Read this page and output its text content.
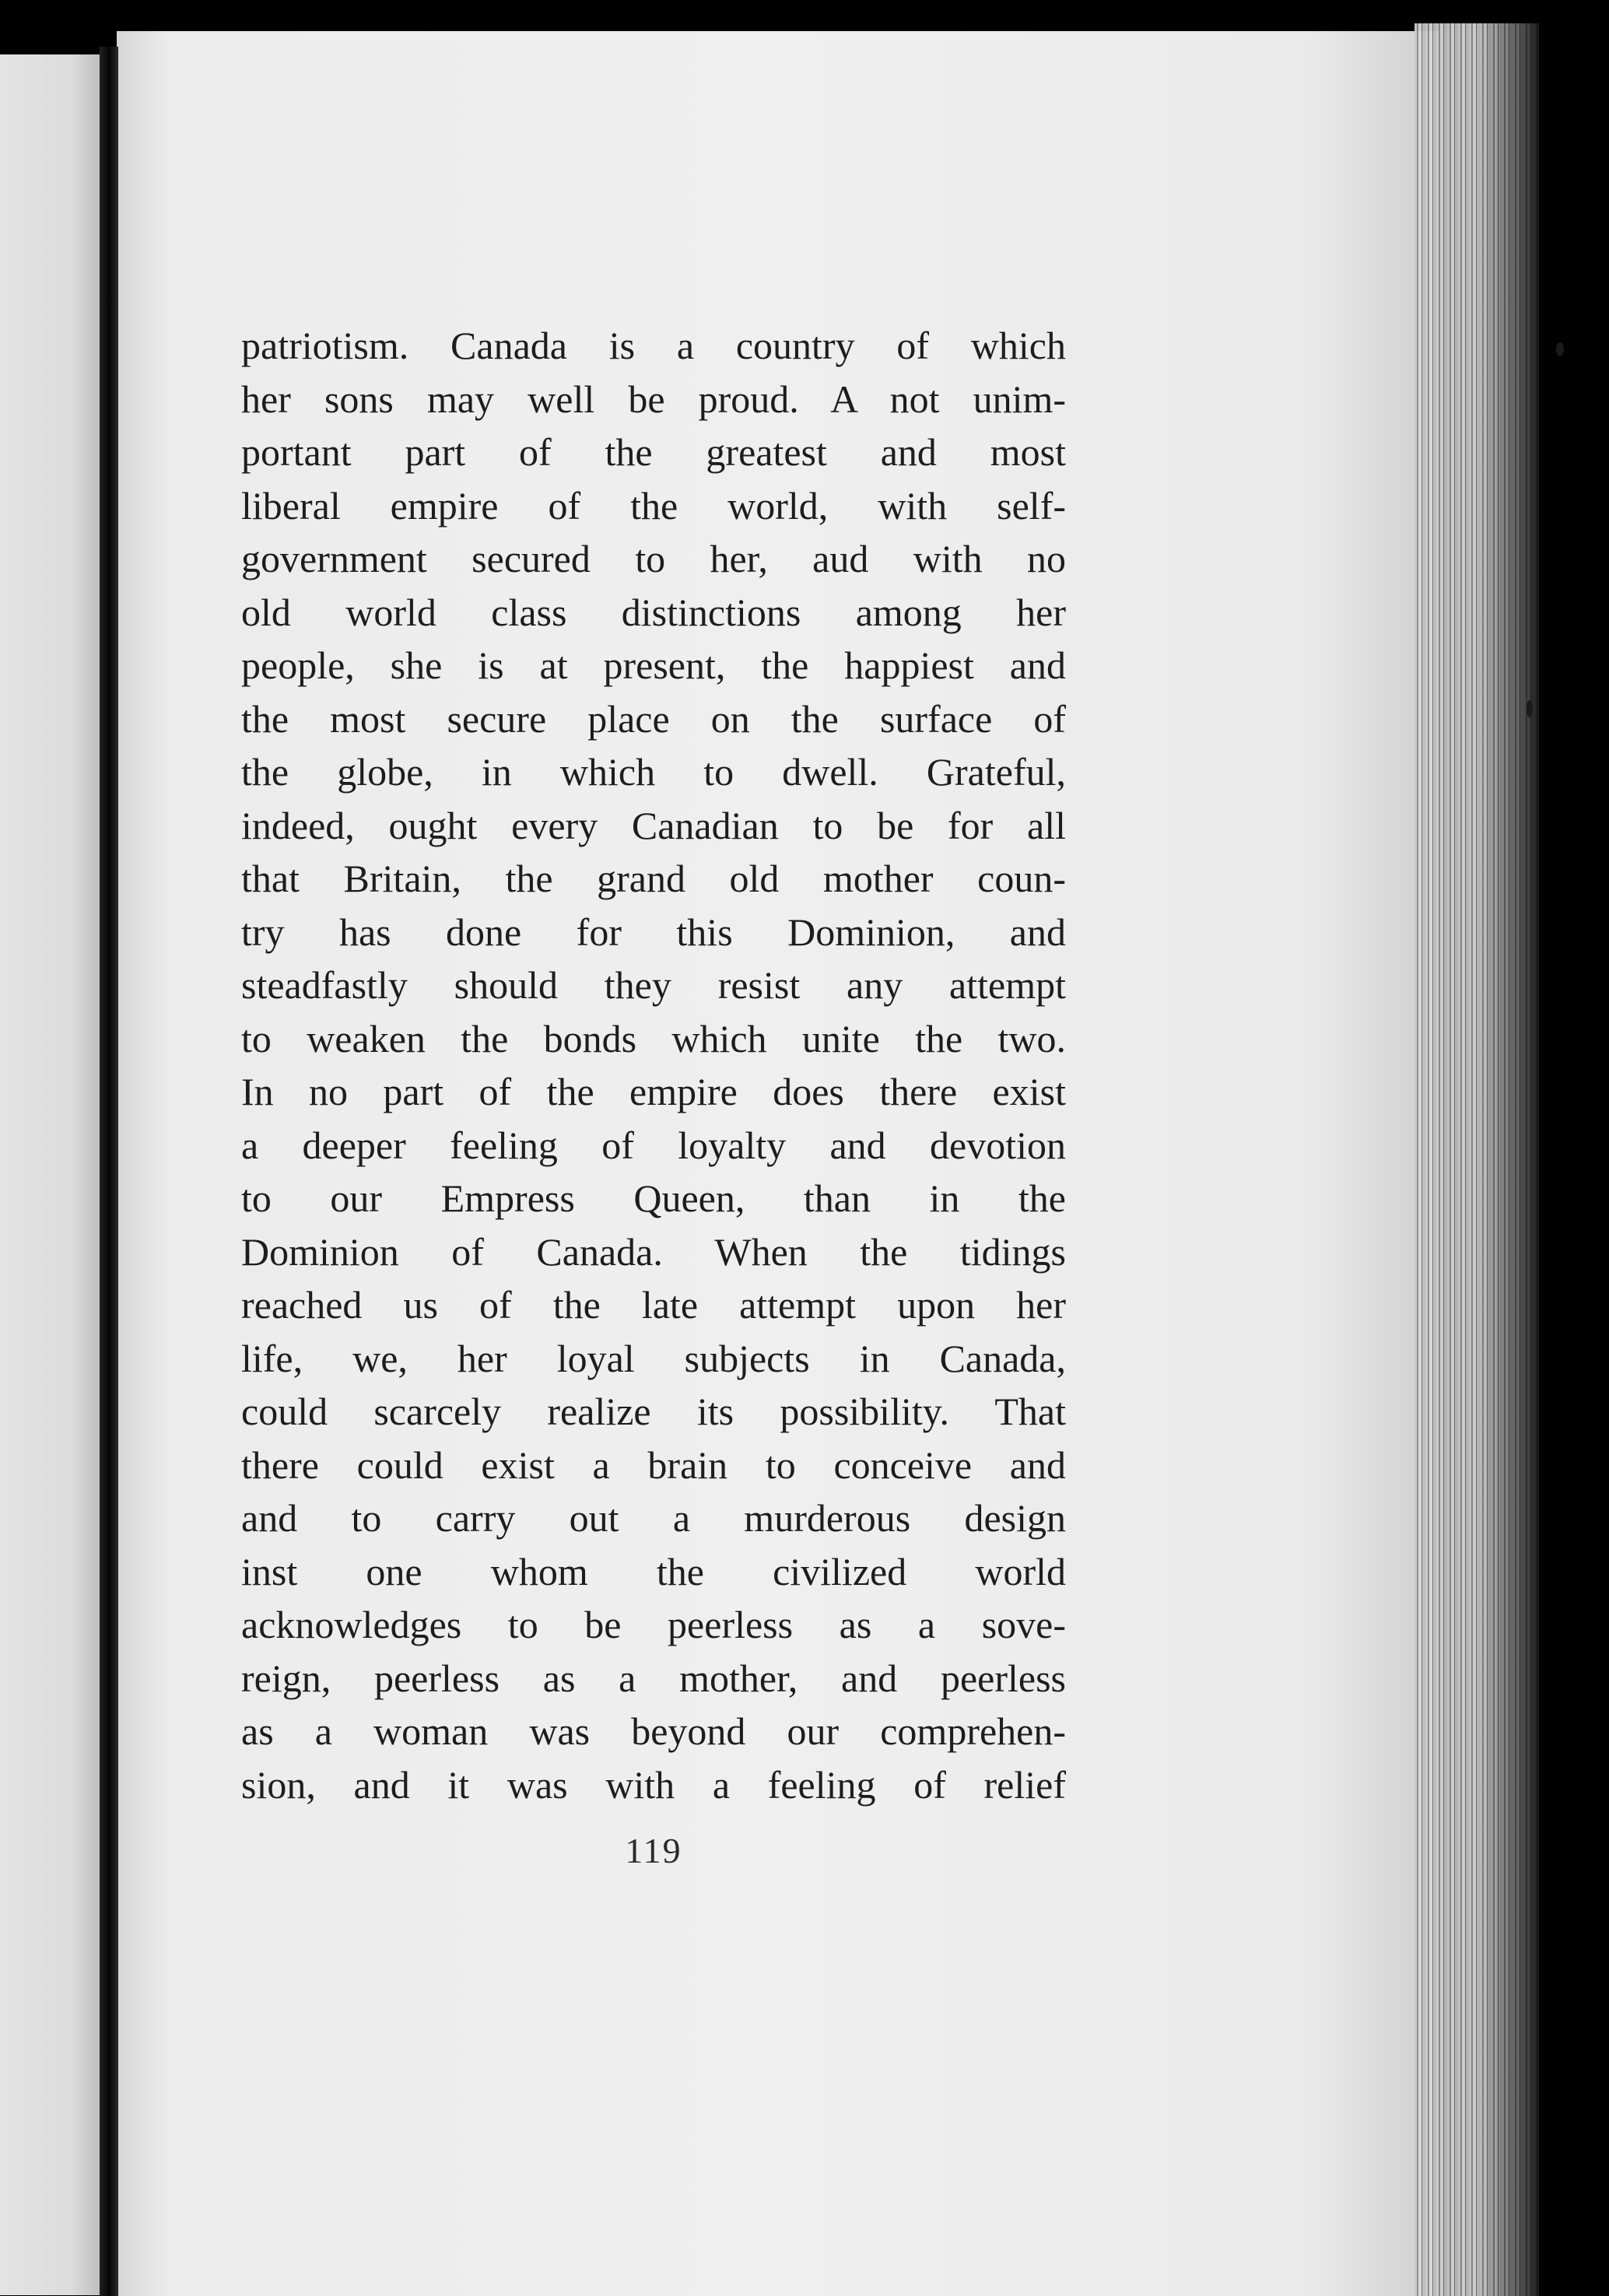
patriotism. Canada is a country of which
her sons may well be proud. A not unim-
portant part of the greatest and most
liberal empire of the world, with self-
government secured to her, aud with no
old world class distinctions among her
people, she is at present, the happiest and
the most secure place on the surface of
the globe, in which to dwell. Grateful,
indeed, ought every Canadian to be for all
that Britain, the grand old mother coun-
try has done for this Dominion, and
steadfastly should they resist any attempt
to weaken the bonds which unite the two.
In no part of the empire does there exist
a deeper feeling of loyalty and devotion
to our Empress Queen, than in the
Dominion of Canada. When the tidings
reached us of the late attempt upon her
life, we, her loyal subjects in Canada,
could scarcely realize its possibility. That
there could exist a brain to conceive and
and to carry out a murderous design
inst one whom the civilized world
acknowledges to be peerless as a sove-
reign, peerless as a mother, and peerless
as a woman was beyond our comprehen-
sion, and it was with a feeling of relief
119
